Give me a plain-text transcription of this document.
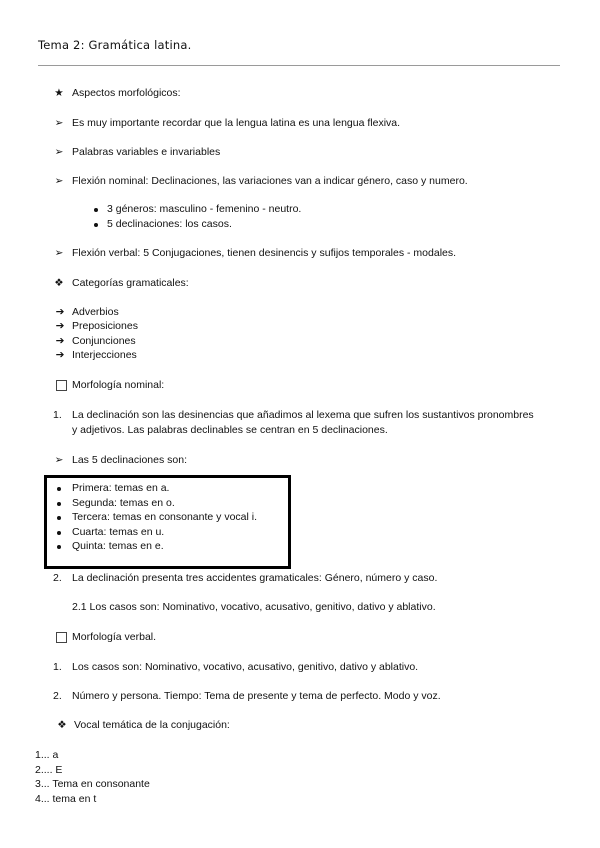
Tema 2: Gramática latina.
★ Aspectos morfológicos:
➢ Es muy importante recordar que la lengua latina es una lengua flexiva.
➢ Palabras variables e invariables
➢ Flexión nominal: Declinaciones, las variaciones van a indicar género, caso y numero.
3 géneros: masculino - femenino - neutro.
5 declinaciones: los casos.
➢ Flexión verbal: 5 Conjugaciones, tienen desinencis y sufijos temporales - modales.
❖ Categorías gramaticales:
➔ Adverbios
➔ Preposiciones
➔ Conjunciones
➔ Interjecciones
Morfología nominal:
1. La declinación son las desinencias que añadimos al lexema que sufren los sustantivos pronombres
y adjetivos. Las palabras declinables se centran en 5 declinaciones.
➢ Las 5 declinaciones son:
Primera: temas en a.
Segunda: temas en o.
Tercera: temas en consonante y vocal i.
Cuarta: temas en u.
Quinta: temas en e.
2. La declinación presenta tres accidentes gramaticales: Género, número y caso.
2.1 Los casos son: Nominativo, vocativo, acusativo, genitivo, dativo y ablativo.
Morfología verbal.
1. Los casos son: Nominativo, vocativo, acusativo, genitivo, dativo y ablativo.
2. Número y persona. Tiempo: Tema de presente y tema de perfecto. Modo y voz.
❖ Vocal temática de la conjugación:
1... a
2.... E
3... Tema en consonante
4... tema en t
